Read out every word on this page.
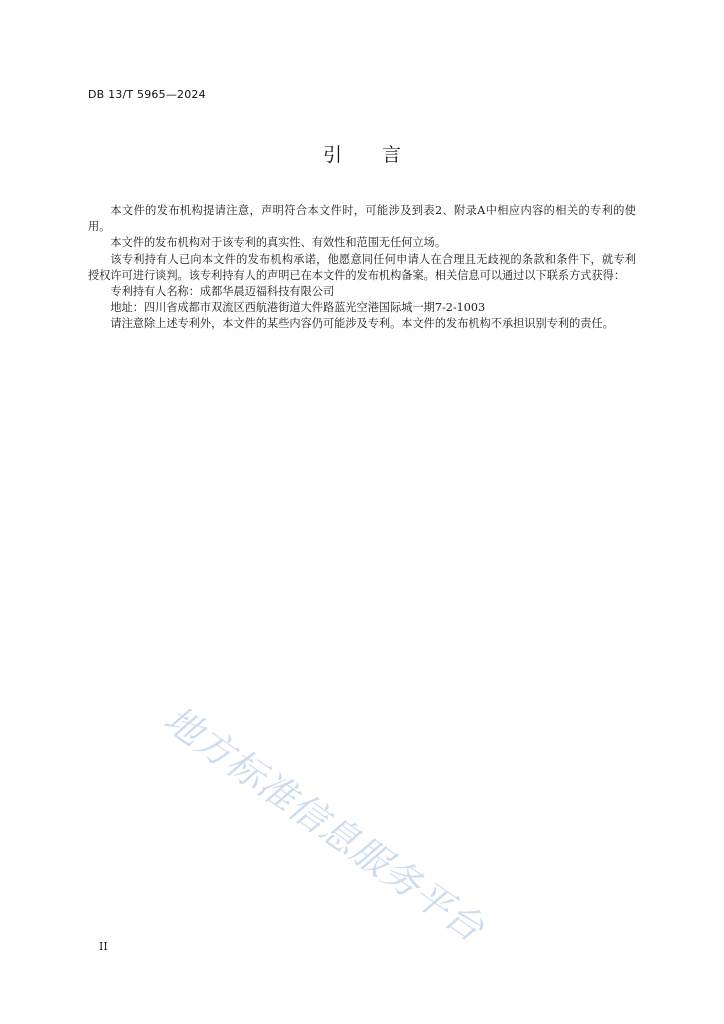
DB 13/T 5965—2024
引言

本文件的发布机构提请注意，声明符合本文件时，可能涉及到表2、附录A中相应内容的相关的专利的使用。

本文件的发布机构对于该专利的真实性、有效性和范围无任何立场。

该专利持有人已向本文件的发布机构承诺，他愿意同任何申请人在合理且无歧视的条款和条件下，就专利授权许可进行谈判。该专利持有人的声明已在本文件的发布机构备案。相关信息可以通过以下联系方式获得：

专利持有人名称：成都华晨迈福科技有限公司

地址：四川省成都市双流区西航港街道大件路蓝光空港国际城一期7-2-1003

请注意除上述专利外，本文件的某些内容仍可能涉及专利。本文件的发布机构不承担识别专利的责任。

地方标准信息服务平台
II
